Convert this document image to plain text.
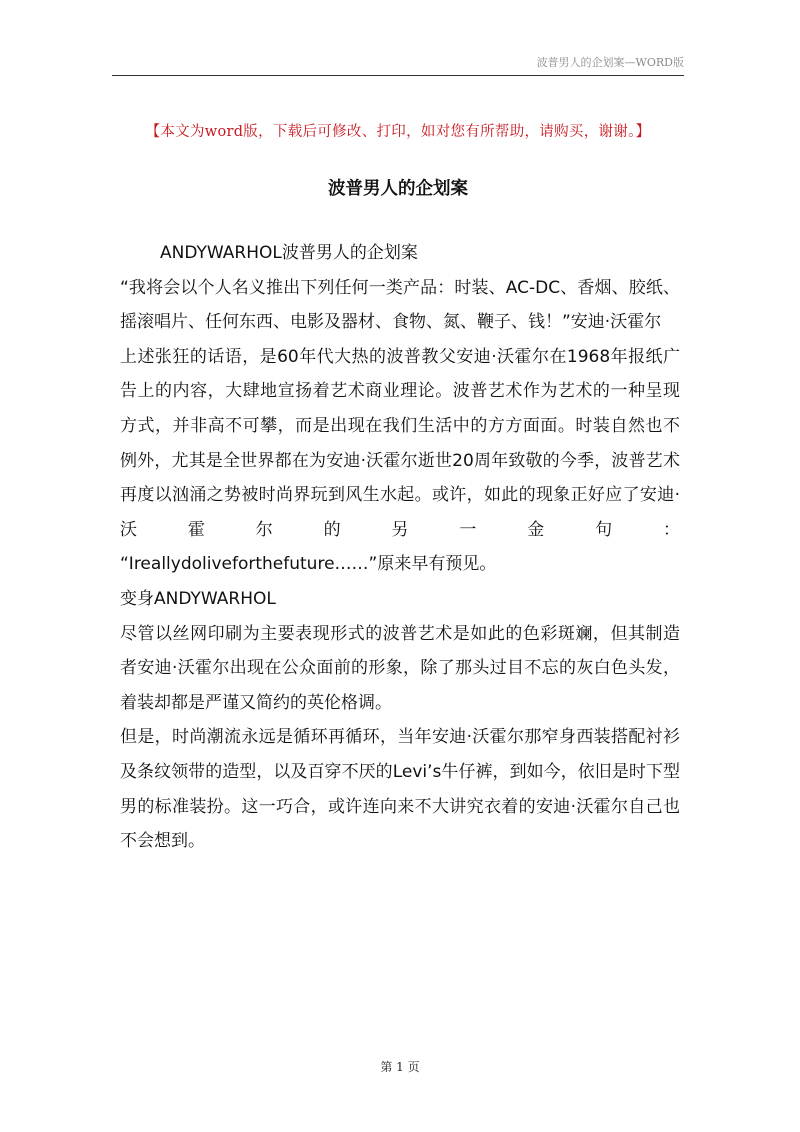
波普男人的企划案—WORD版
【本文为word版，下载后可修改、打印，如对您有所帮助，请购买，谢谢。】
波普男人的企划案

ANDYWARHOL波普男人的企划案

“我将会以个人名义推出下列任何一类产品：时装、AC-DC、香烟、胶纸、摇滚唱片、任何东西、电影及器材、食物、氮、鞭子、钱！”安迪·沃霍尔

上述张狂的话语，是60年代大热的波普教父安迪·沃霍尔在1968年报纸广告上的内容，大肆地宣扬着艺术商业理论。波普艺术作为艺术的一种呈现方式，并非高不可攀，而是出现在我们生活中的方方面面。时装自然也不例外，尤其是全世界都在为安迪·沃霍尔逝世20周年致敬的今季，波普艺术再度以汹涌之势被时尚界玩到风生水起。或许，如此的现象正好应了安迪·沃霍尔的另一金句：

“Ireallydoliveforthefuture……”原来早有预见。

变身ANDYWARHOL

尽管以丝网印刷为主要表现形式的波普艺术是如此的色彩斑斓，但其制造者安迪·沃霍尔出现在公众面前的形象，除了那头过目不忘的灰白色头发，着装却都是严谨又简约的英伦格调。

但是，时尚潮流永远是循环再循环，当年安迪·沃霍尔那窄身西装搭配衬衫及条纹领带的造型，以及百穿不厌的Levi’s牛仔裤，到如今，依旧是时下型男的标准装扮。这一巧合，或许连向来不大讲究衣着的安迪·沃霍尔自己也不会想到。

第 1 页
